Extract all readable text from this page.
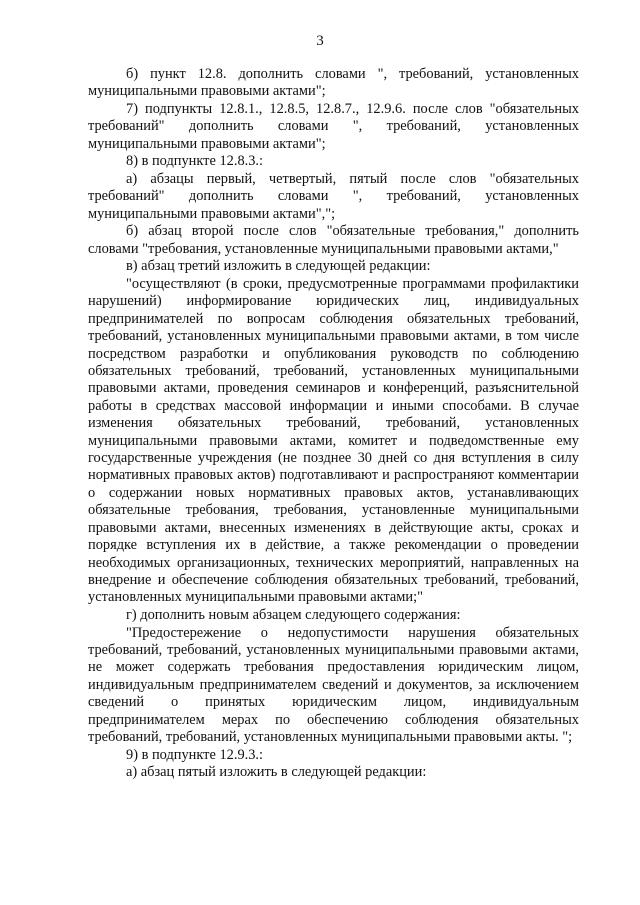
3

б) пункт 12.8. дополнить словами ", требований, установленных муниципальными правовыми актами";

7) подпункты 12.8.1., 12.8.5, 12.8.7., 12.9.6. после слов "обязательных требований" дополнить словами ", требований, установленных муниципальными правовыми актами";

8) в подпункте 12.8.3.:

а) абзацы первый, четвертый, пятый после слов "обязательных требований" дополнить словами ", требований, установленных муниципальными правовыми актами",";

б) абзац второй после слов "обязательные требования," дополнить словами "требования, установленные муниципальными правовыми актами,"

в) абзац третий изложить в следующей редакции:

"осуществляют (в сроки, предусмотренные программами профилактики нарушений) информирование юридических лиц, индивидуальных предпринимателей по вопросам соблюдения обязательных требований, требований, установленных муниципальными правовыми актами, в том числе посредством разработки и опубликования руководств по соблюдению обязательных требований, требований, установленных муниципальными правовыми актами, проведения семинаров и конференций, разъяснительной работы в средствах массовой информации и иными способами. В случае изменения обязательных требований, требований, установленных муниципальными правовыми актами, комитет и подведомственные ему государственные учреждения (не позднее 30 дней со дня вступления в силу нормативных правовых актов) подготавливают и распространяют комментарии о содержании новых нормативных правовых актов, устанавливающих обязательные требования, требования, установленные муниципальными правовыми актами, внесенных изменениях в действующие акты, сроках и порядке вступления их в действие, а также рекомендации о проведении необходимых организационных, технических мероприятий, направленных на внедрение и обеспечение соблюдения обязательных требований, требований, установленных муниципальными правовыми актами;"

г) дополнить новым абзацем следующего содержания:

"Предостережение о недопустимости нарушения обязательных требований, требований, установленных муниципальными правовыми актами, не может содержать требования предоставления юридическим лицом, индивидуальным предпринимателем сведений и документов, за исключением сведений о принятых юридическим лицом, индивидуальным предпринимателем мерах по обеспечению соблюдения обязательных требований, требований, установленных муниципальными правовыми акты. ";

9) в подпункте 12.9.3.:

а) абзац пятый изложить в следующей редакции:
